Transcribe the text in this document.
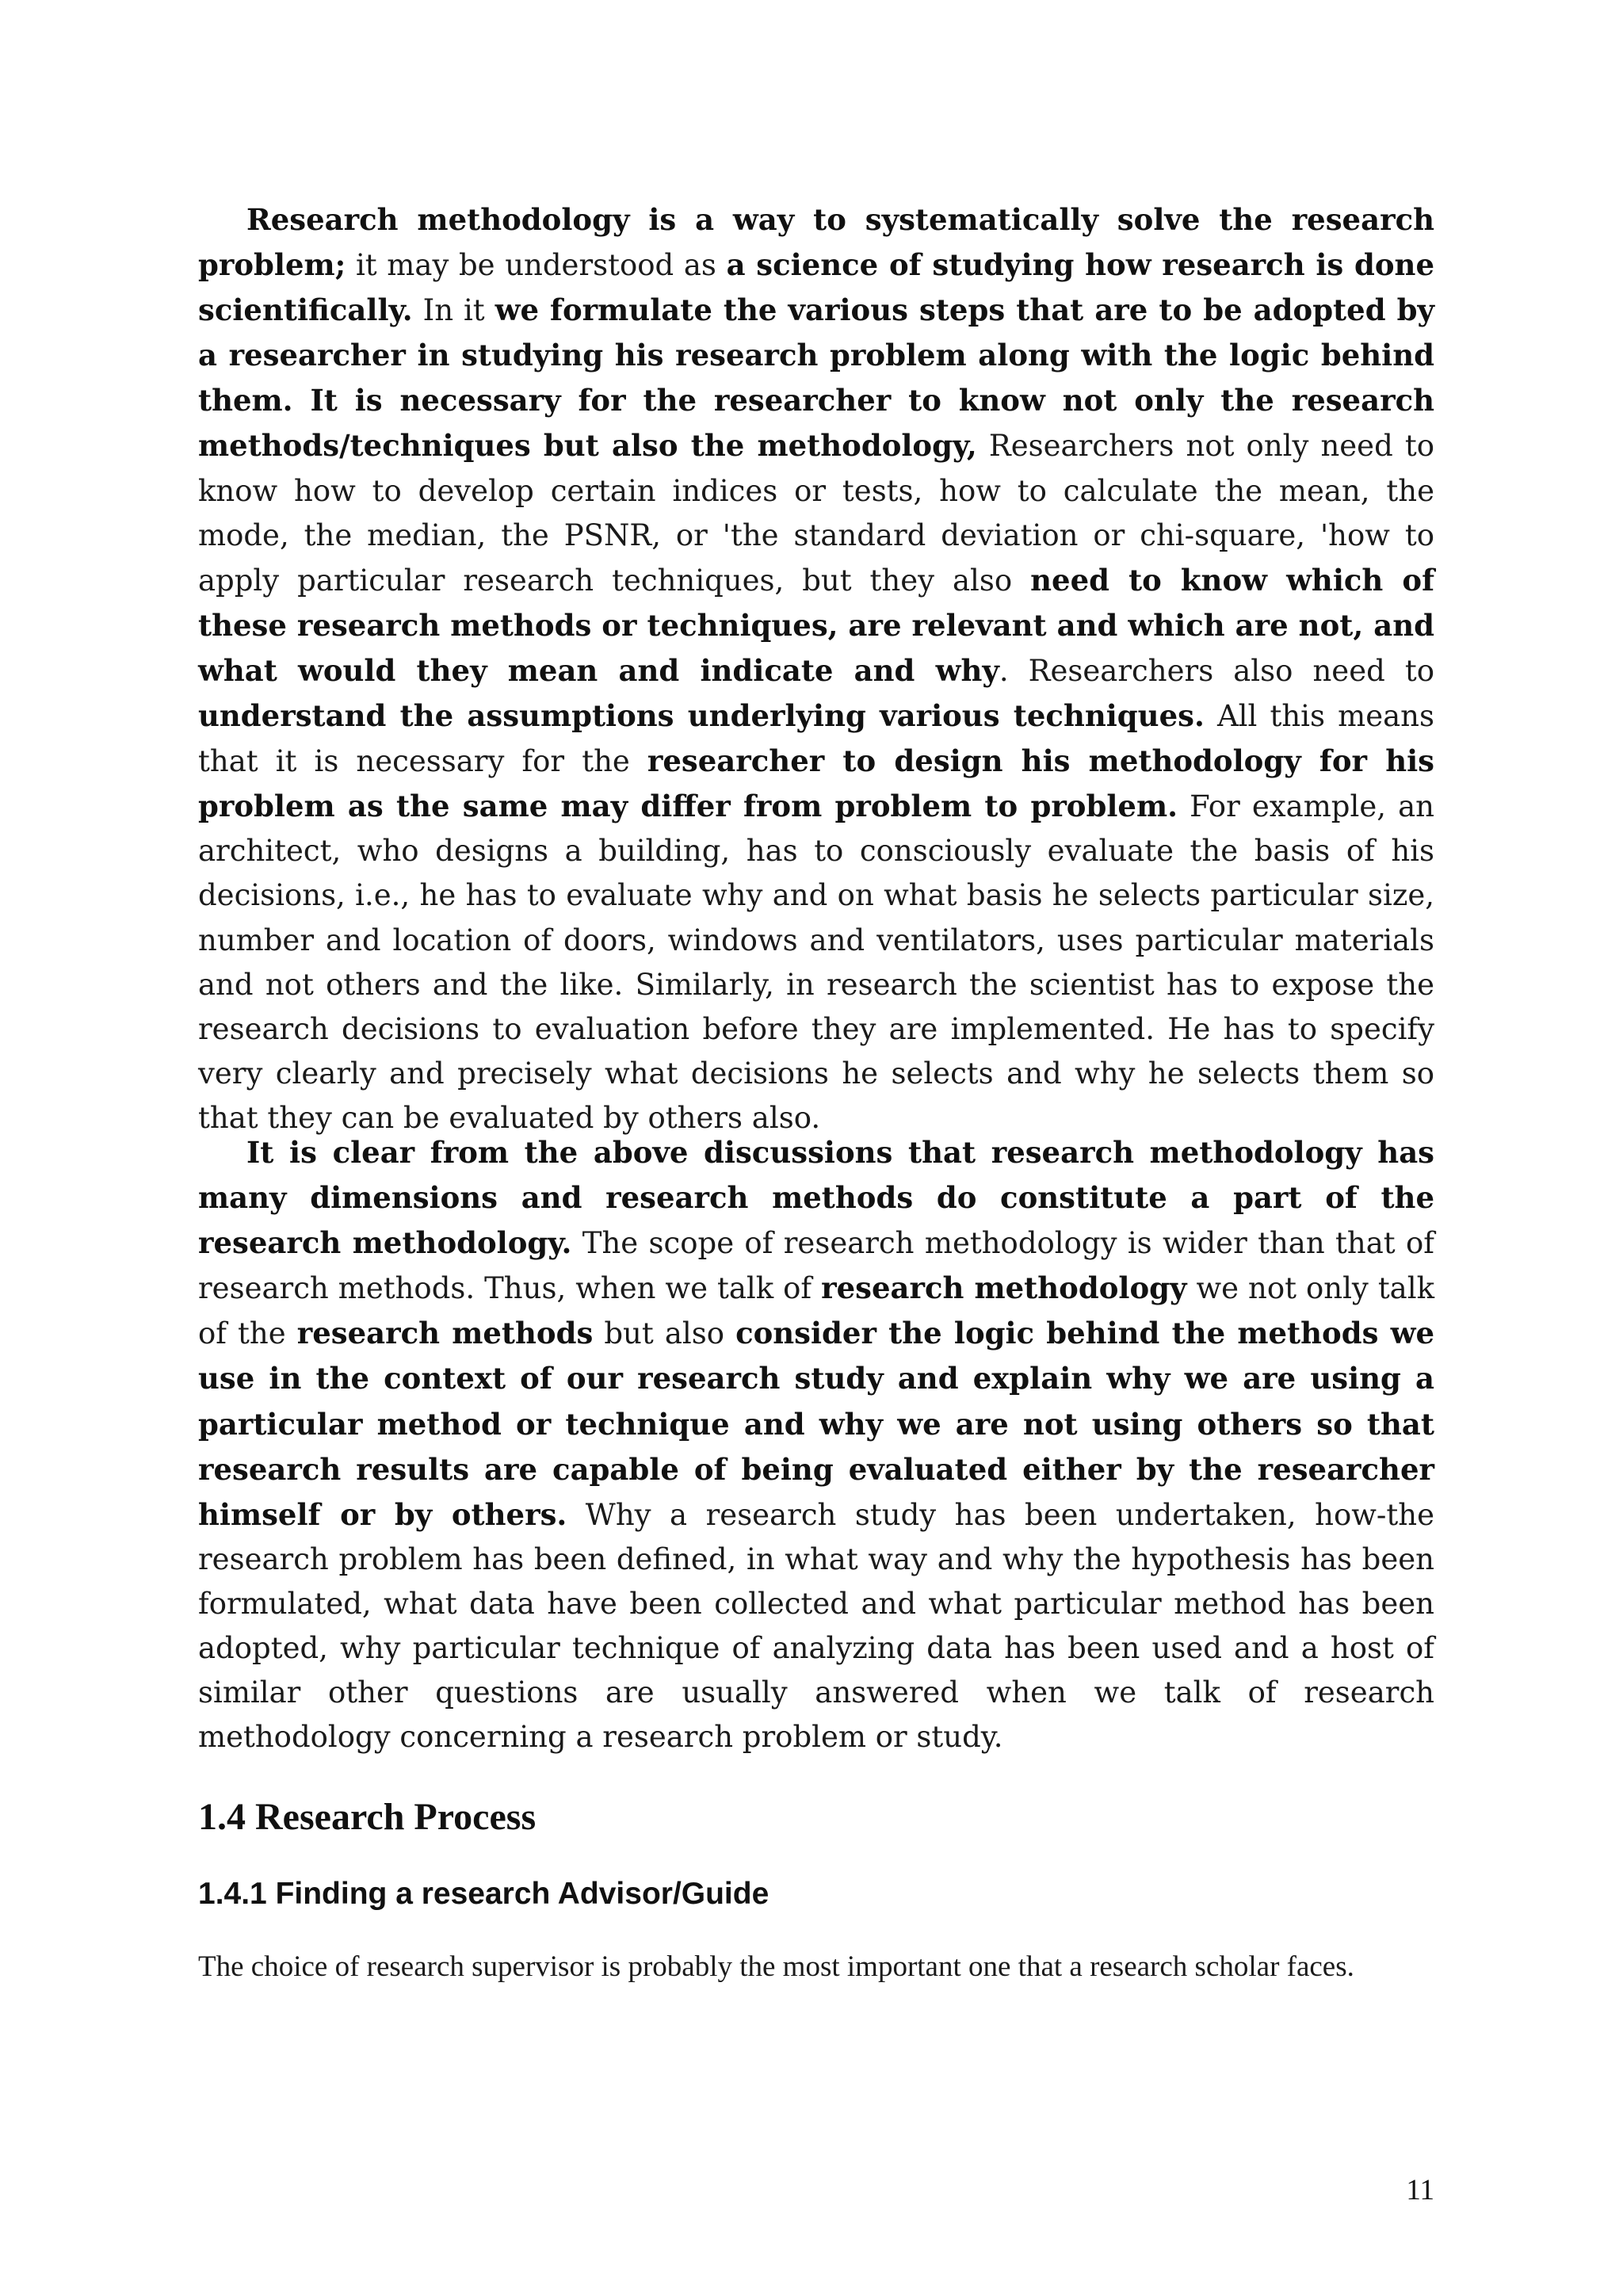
Research methodology is a way to systematically solve the research problem; it may be understood as a science of studying how research is done scientifically. In it we formulate the various steps that are to be adopted by a researcher in studying his research problem along with the logic behind them. It is necessary for the researcher to know not only the research methods/techniques but also the methodology, Researchers not only need to know how to develop certain indices or tests, how to calculate the mean, the mode, the median, the PSNR, or 'the standard deviation or chi-square, 'how to apply particular research techniques, but they also need to know which of these research methods or techniques, are relevant and which are not, and what would they mean and indicate and why. Researchers also need to understand the assumptions underlying various techniques. All this means that it is necessary for the researcher to design his methodology for his problem as the same may differ from problem to problem. For example, an architect, who designs a building, has to consciously evaluate the basis of his decisions, i.e., he has to evaluate why and on what basis he selects particular size, number and location of doors, windows and ventilators, uses particular materials and not others and the like. Similarly, in research the scientist has to expose the research decisions to evaluation before they are implemented. He has to specify very clearly and precisely what decisions he selects and why he selects them so that they can be evaluated by others also.

It is clear from the above discussions that research methodology has many dimensions and research methods do constitute a part of the research methodology. The scope of research methodology is wider than that of research methods. Thus, when we talk of research methodology we not only talk of the research methods but also consider the logic behind the methods we use in the context of our research study and explain why we are using a particular method or technique and why we are not using others so that research results are capable of being evaluated either by the researcher himself or by others. Why a research study has been undertaken, how-the research problem has been defined, in what way and why the hypothesis has been formulated, what data have been collected and what particular method has been adopted, why particular technique of analyzing data has been used and a host of similar other questions are usually answered when we talk of research methodology concerning a research problem or study.

1.4 Research Process
1.4.1 Finding a research Advisor/Guide

The choice of research supervisor is probably the most important one that a research scholar faces.

11
